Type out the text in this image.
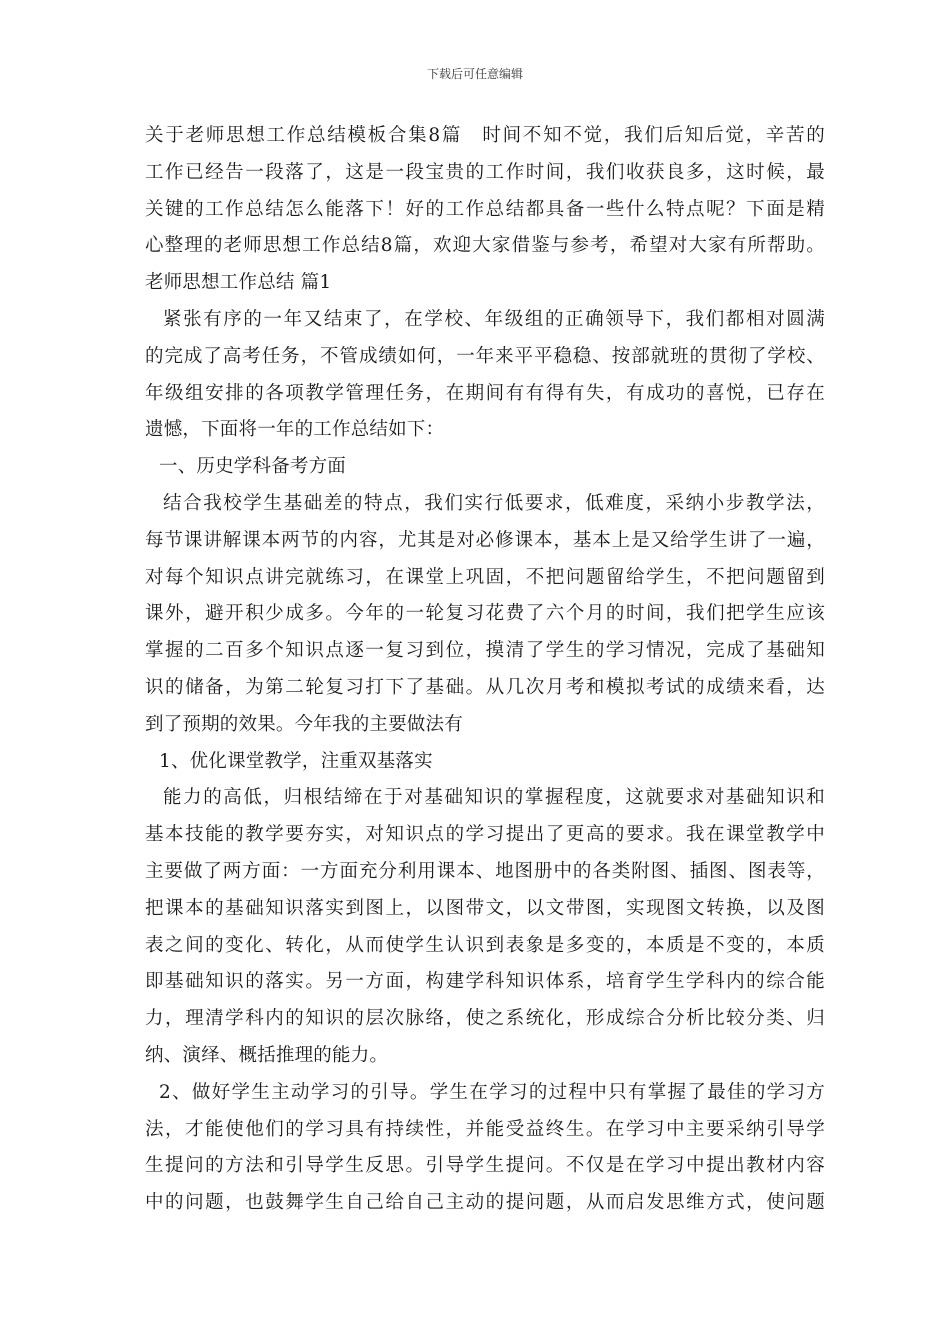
下载后可任意编辑
关于老师思想工作总结模板合集8篇　时间不知不觉，我们后知后觉，辛苦的
工作已经告一段落了，这是一段宝贵的工作时间，我们收获良多，这时候，最
关键的工作总结怎么能落下！好的工作总结都具备一些什么特点呢？下面是精
心整理的老师思想工作总结8篇，欢迎大家借鉴与参考，希望对大家有所帮助。
老师思想工作总结 篇1
紧张有序的一年又结束了，在学校、年级组的正确领导下，我们都相对圆满
的完成了高考任务，不管成绩如何，一年来平平稳稳、按部就班的贯彻了学校、
年级组安排的各项教学管理任务，在期间有有得有失，有成功的喜悦，已存在
遗憾，下面将一年的工作总结如下：
一、历史学科备考方面
结合我校学生基础差的特点，我们实行低要求，低难度，采纳小步教学法，
每节课讲解课本两节的内容，尤其是对必修课本，基本上是又给学生讲了一遍，
对每个知识点讲完就练习，在课堂上巩固，不把问题留给学生，不把问题留到
课外，避开积少成多。今年的一轮复习花费了六个月的时间，我们把学生应该
掌握的二百多个知识点逐一复习到位，摸清了学生的学习情况，完成了基础知
识的储备，为第二轮复习打下了基础。从几次月考和模拟考试的成绩来看，达
到了预期的效果。今年我的主要做法有
1、优化课堂教学，注重双基落实
能力的高低，归根结缔在于对基础知识的掌握程度，这就要求对基础知识和
基本技能的教学要夯实，对知识点的学习提出了更高的要求。我在课堂教学中
主要做了两方面：一方面充分利用课本、地图册中的各类附图、插图、图表等，
把课本的基础知识落实到图上，以图带文，以文带图，实现图文转换，以及图
表之间的变化、转化，从而使学生认识到表象是多变的，本质是不变的，本质
即基础知识的落实。另一方面，构建学科知识体系，培育学生学科内的综合能
力，理清学科内的知识的层次脉络，使之系统化，形成综合分析比较分类、归
纳、演绎、概括推理的能力。
2、做好学生主动学习的引导。学生在学习的过程中只有掌握了最佳的学习方
法，才能使他们的学习具有持续性，并能受益终生。在学习中主要采纳引导学
生提问的方法和引导学生反思。引导学生提问。不仅是在学习中提出教材内容
中的问题，也鼓舞学生自己给自己主动的提问题，从而启发思维方式，使问题
